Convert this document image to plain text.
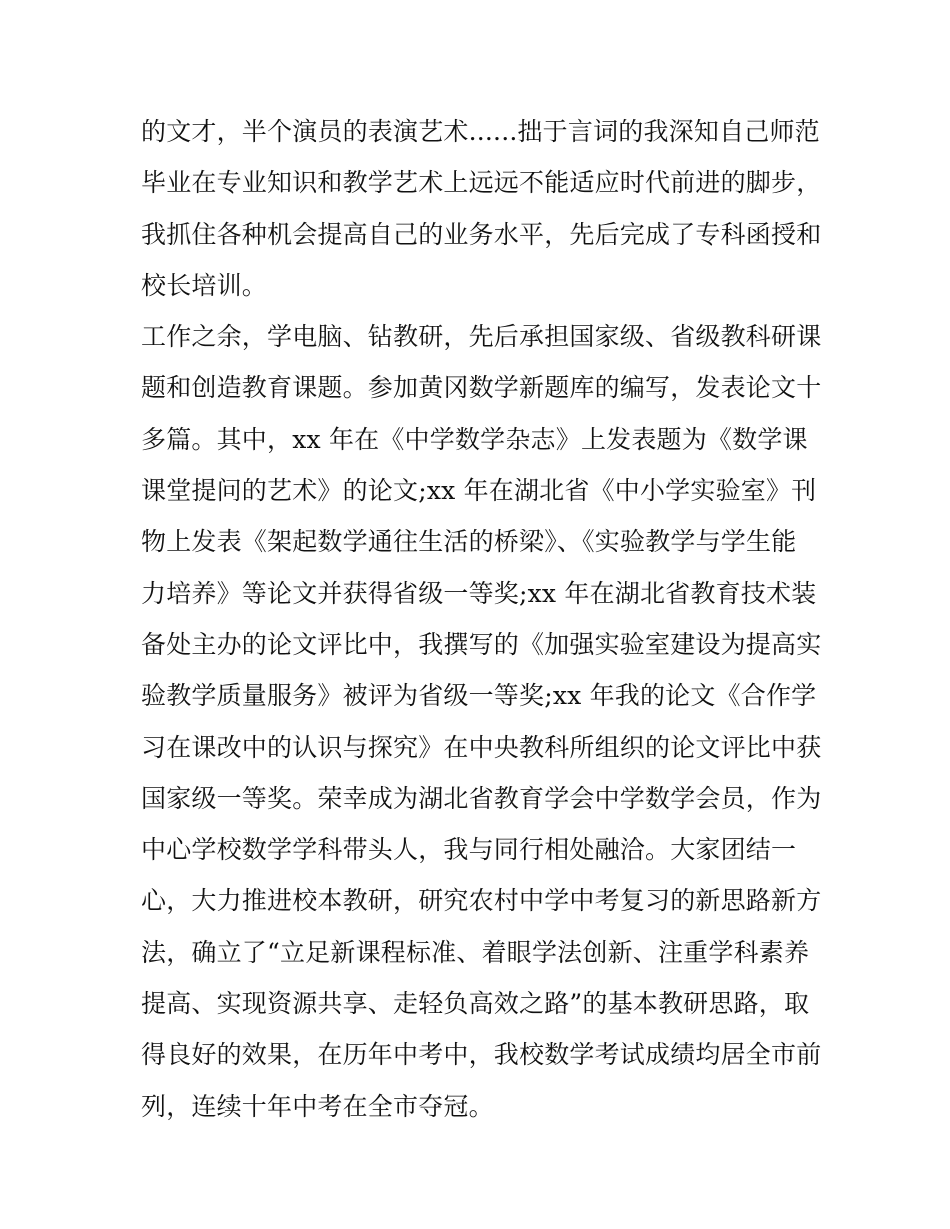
的文才，半个演员的表演艺术......拙于言词的我深知自己师范
毕业在专业知识和教学艺术上远远不能适应时代前进的脚步，
我抓住各种机会提高自己的业务水平，先后完成了专科函授和
校长培训。
工作之余，学电脑、钻教研，先后承担国家级、省级教科研课
题和创造教育课题。参加黄冈数学新题库的编写，发表论文十
多篇。其中，xx 年在《中学数学杂志》上发表题为《数学课
课堂提问的艺术》的论文;xx 年在湖北省《中小学实验室》刊
物上发表《架起数学通往生活的桥梁》、《实验教学与学生能
力培养》等论文并获得省级一等奖;xx 年在湖北省教育技术装
备处主办的论文评比中，我撰写的《加强实验室建设为提高实
验教学质量服务》被评为省级一等奖;xx 年我的论文《合作学
习在课改中的认识与探究》在中央教科所组织的论文评比中获
国家级一等奖。荣幸成为湖北省教育学会中学数学会员，作为
中心学校数学学科带头人，我与同行相处融洽。大家团结一
心，大力推进校本教研，研究农村中学中考复习的新思路新方
法，确立了“立足新课程标准、着眼学法创新、注重学科素养
提高、实现资源共享、走轻负高效之路”的基本教研思路，取
得良好的效果，在历年中考中，我校数学考试成绩均居全市前
列，连续十年中考在全市夺冠。
